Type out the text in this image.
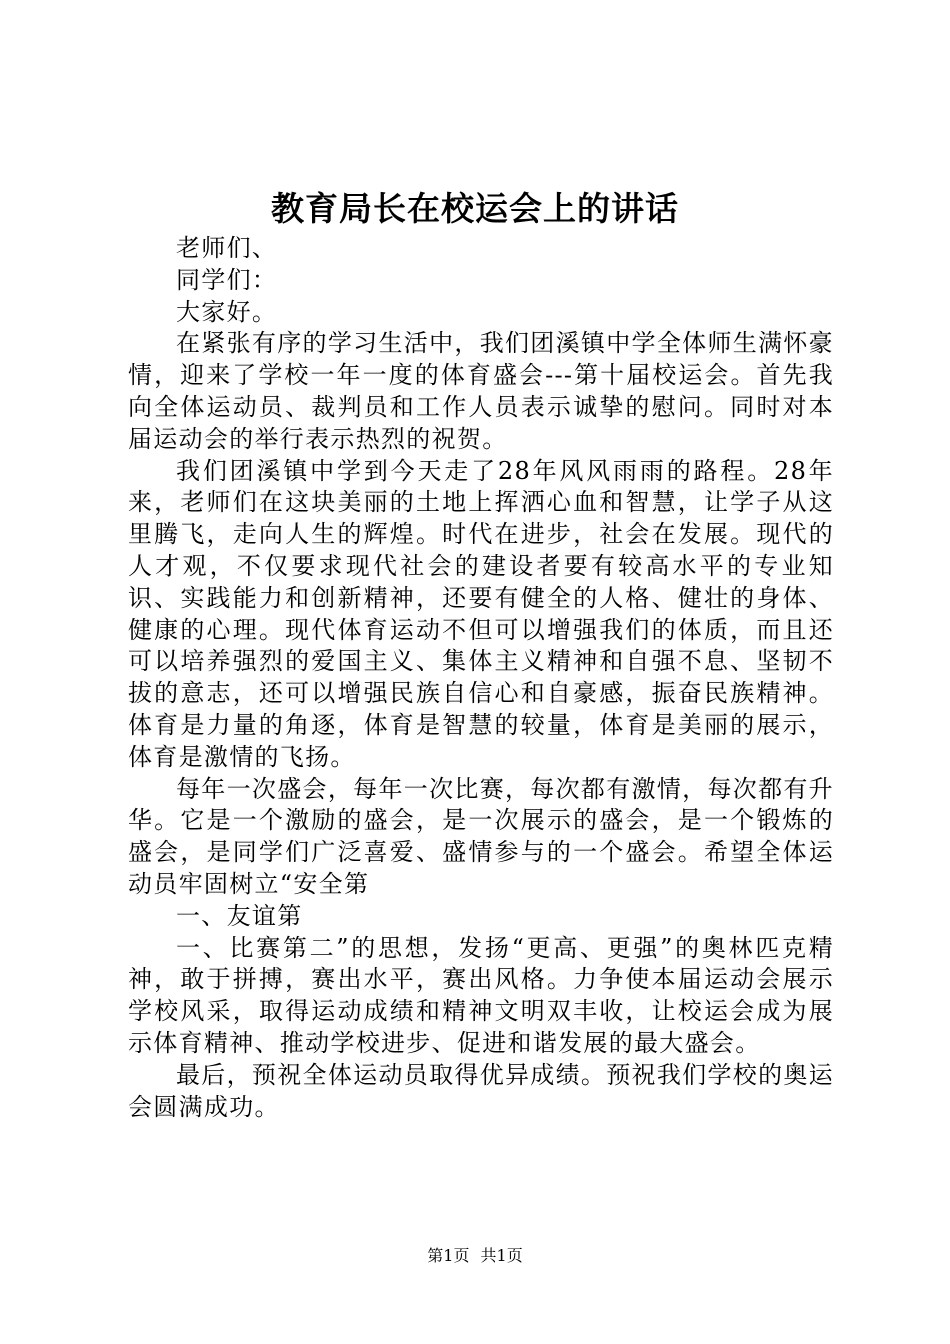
教育局长在校运会上的讲话

老师们、

同学们：

大家好。

在紧张有序的学习生活中，我们团溪镇中学全体师生满怀豪情，迎来了学校一年一度的体育盛会---第十届校运会。首先我向全体运动员、裁判员和工作人员表示诚挚的慰问。同时对本届运动会的举行表示热烈的祝贺。

我们团溪镇中学到今天走了28年风风雨雨的路程。28年来，老师们在这块美丽的土地上挥洒心血和智慧，让学子从这里腾飞，走向人生的辉煌。时代在进步，社会在发展。现代的人才观，不仅要求现代社会的建设者要有较高水平的专业知识、实践能力和创新精神，还要有健全的人格、健壮的身体、健康的心理。现代体育运动不但可以增强我们的体质，而且还可以培养强烈的爱国主义、集体主义精神和自强不息、坚韧不拔的意志，还可以增强民族自信心和自豪感，振奋民族精神。体育是力量的角逐，体育是智慧的较量，体育是美丽的展示，体育是激情的飞扬。

每年一次盛会，每年一次比赛，每次都有激情，每次都有升华。它是一个激励的盛会，是一次展示的盛会，是一个锻炼的盛会，是同学们广泛喜爱、盛情参与的一个盛会。希望全体运动员牢固树立“安全第

一、友谊第

一、比赛第二”的思想，发扬“更高、更强”的奥林匹克精神，敢于拼搏，赛出水平，赛出风格。力争使本届运动会展示学校风采，取得运动成绩和精神文明双丰收，让校运会成为展示体育精神、推动学校进步、促进和谐发展的最大盛会。

最后，预祝全体运动员取得优异成绩。预祝我们学校的奥运会圆满成功。

第1页 共1页
